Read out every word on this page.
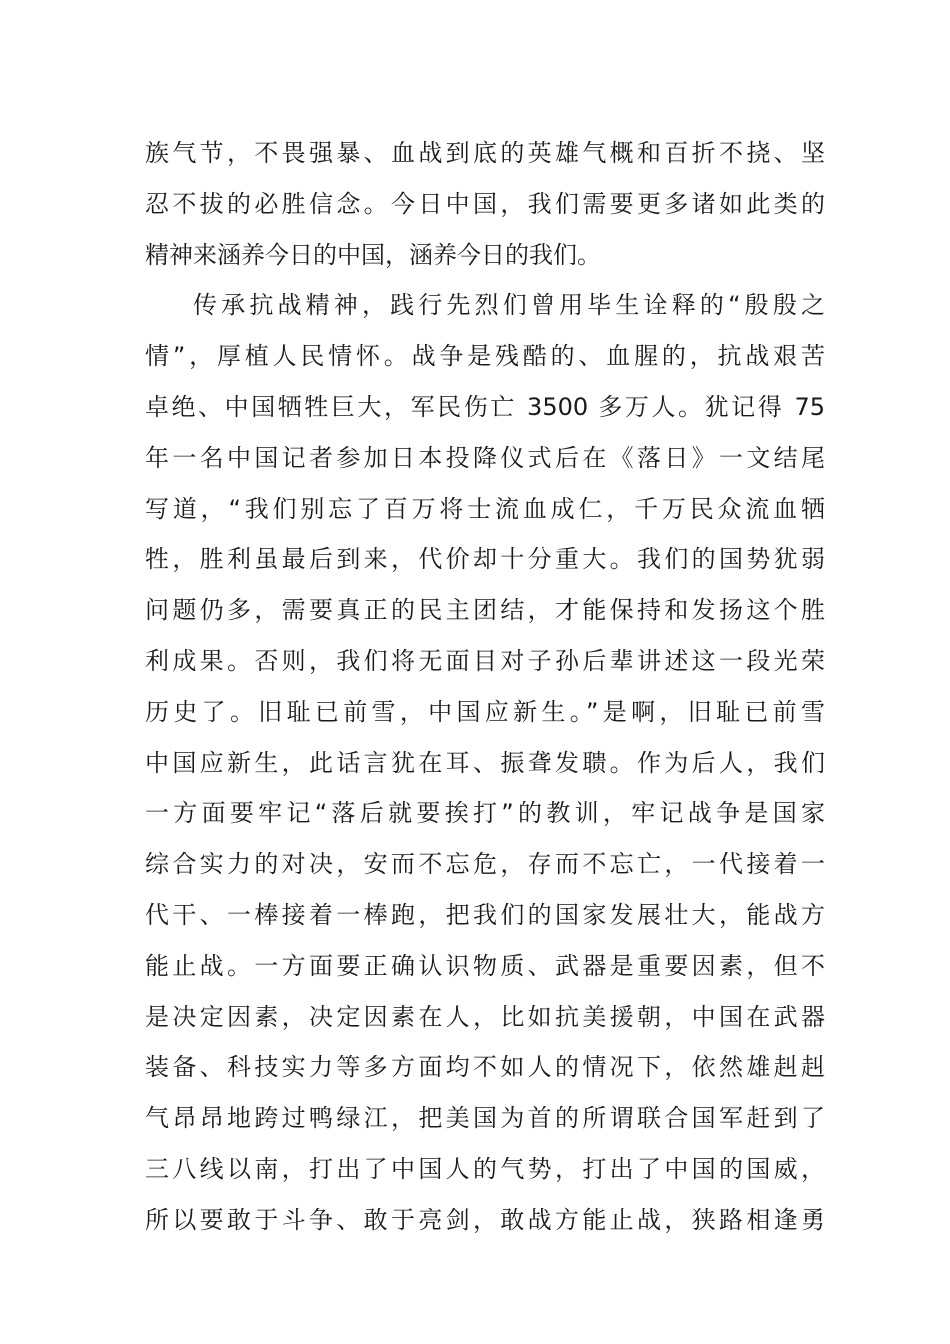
族气节，不畏强暴、血战到底的英雄气概和百折不挠、坚
忍不拔的必胜信念。今日中国，我们需要更多诸如此类的
精神来涵养今日的中国，涵养今日的我们。
传承抗战精神，践行先烈们曾用毕生诠释的“殷殷之
情”，厚植人民情怀。战争是残酷的、血腥的，抗战艰苦
卓绝、中国牺牲巨大，军民伤亡 3500 多万人。犹记得 75
年一名中国记者参加日本投降仪式后在《落日》一文结尾
写道，“我们别忘了百万将士流血成仁，千万民众流血牺
牲，胜利虽最后到来，代价却十分重大。我们的国势犹弱
问题仍多，需要真正的民主团结，才能保持和发扬这个胜
利成果。否则，我们将无面目对子孙后辈讲述这一段光荣
历史了。旧耻已前雪，中国应新生。”是啊，旧耻已前雪
中国应新生，此话言犹在耳、振聋发聩。作为后人，我们
一方面要牢记“落后就要挨打”的教训，牢记战争是国家
综合实力的对决，安而不忘危，存而不忘亡，一代接着一
代干、一棒接着一棒跑，把我们的国家发展壮大，能战方
能止战。一方面要正确认识物质、武器是重要因素，但不
是决定因素，决定因素在人，比如抗美援朝，中国在武器
装备、科技实力等多方面均不如人的情况下，依然雄赳赳
气昂昂地跨过鸭绿江，把美国为首的所谓联合国军赶到了
三八线以南，打出了中国人的气势，打出了中国的国威，
所以要敢于斗争、敢于亮剑，敢战方能止战，狭路相逢勇
